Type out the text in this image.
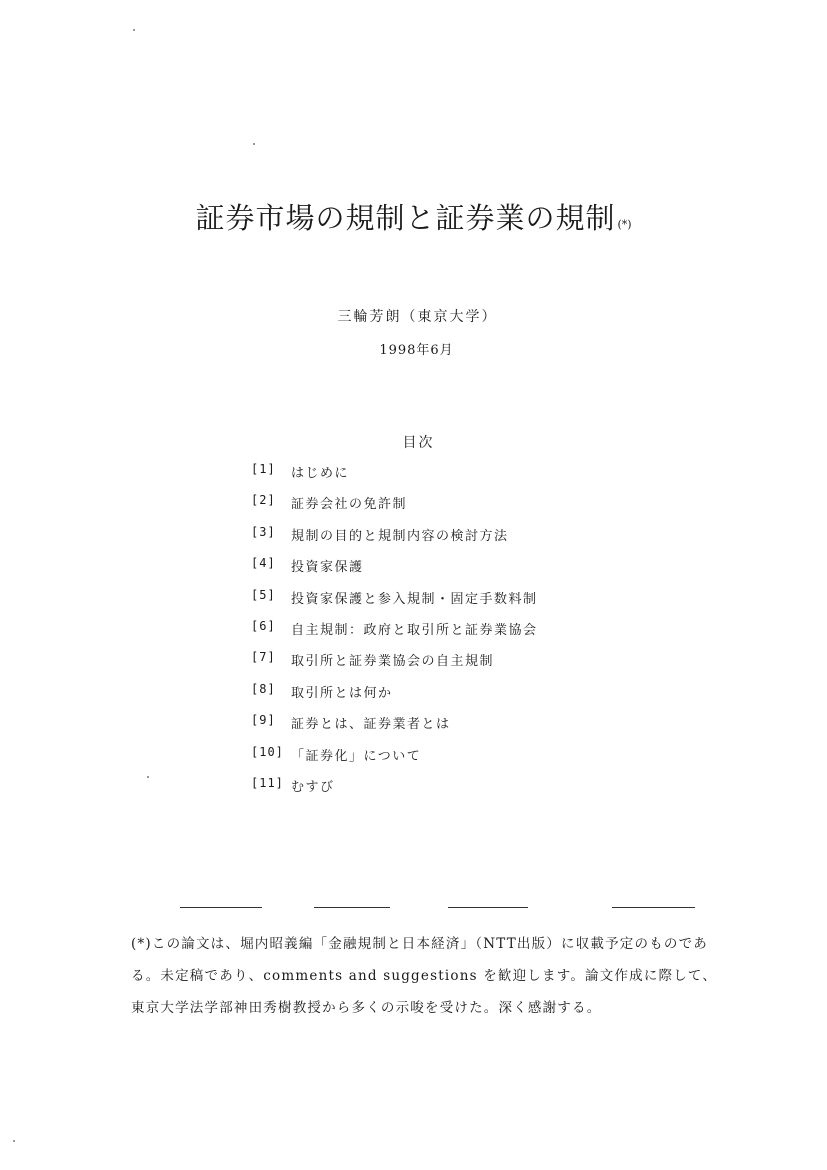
証券市場の規制と証券業の規制 (*)
三輪芳朗（東京大学）
1998年6月
目次
[1]	はじめに
[2]	証券会社の免許制
[3]	規制の目的と規制内容の検討方法
[4]	投資家保護
[5]	投資家保護と参入規制・固定手数料制
[6]	自主規制：政府と取引所と証券業協会
[7]	取引所と証券業協会の自主規制
[8]	取引所とは何か
[9]	証券とは、証券業者とは
[10] 「証券化」について
[11] むすび

(*)この論文は、堀内昭義編「金融規制と日本経済」（NTT出版）に収載予定のものである。未定稿であり、comments and suggestions を歓迎します。論文作成に際して、東京大学法学部神田秀樹教授から多くの示唆を受けた。深く感謝する。
